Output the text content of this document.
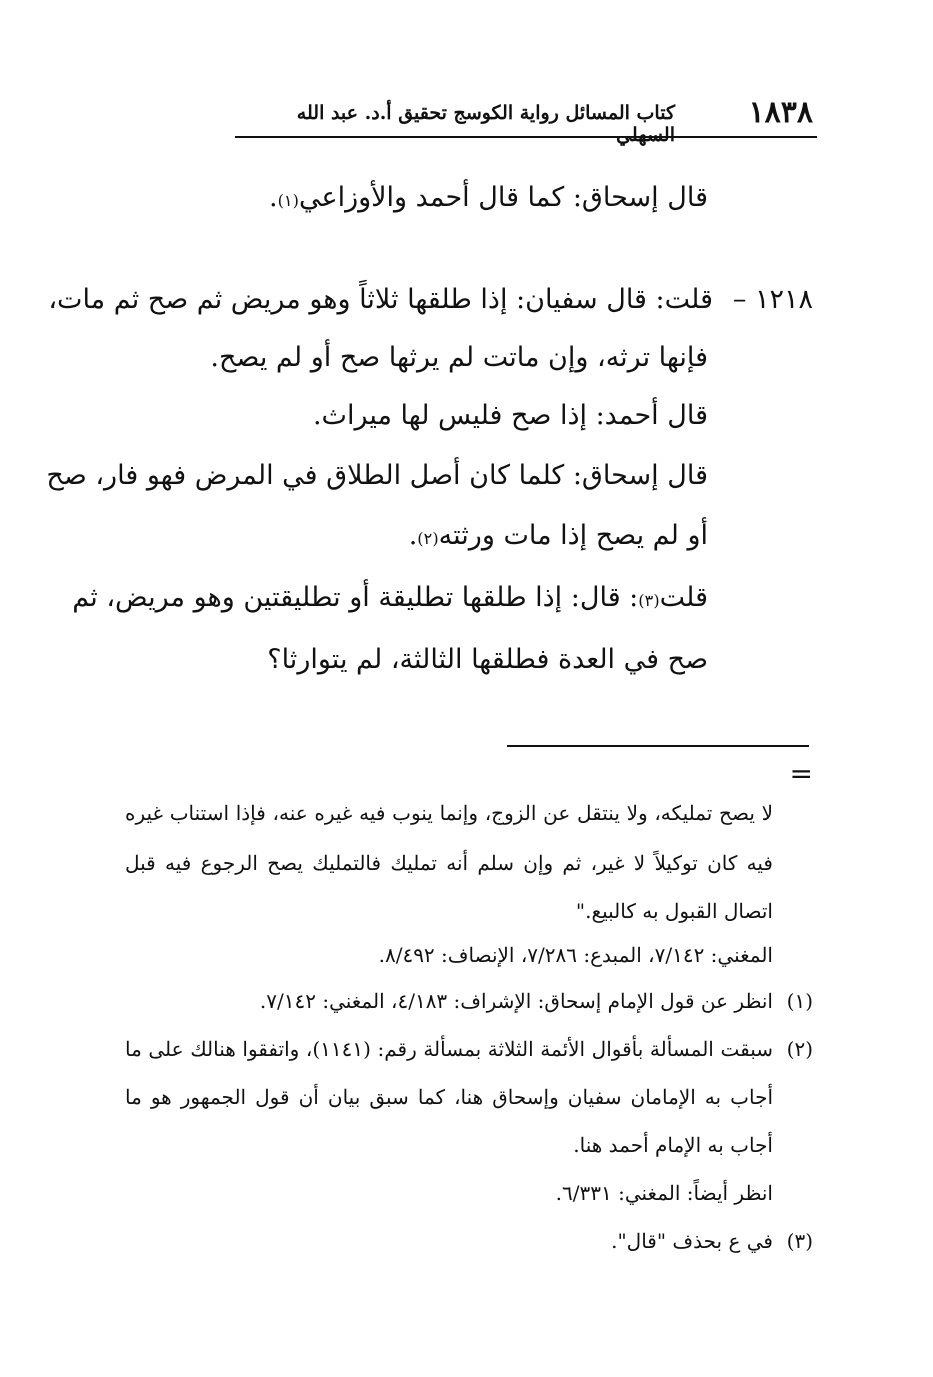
١٨٣٨
كتاب المسائل رواية الكوسج تحقيق أ.د. عبد الله السهلي
قال إسحاق: كما قال أحمد والأوزاعي$^{(١)}$.
١٢١٨ –
قلت: قال سفيان: إذا طلقها ثلاثاً وهو مريض ثم صح ثم مات،
فإنها ترثه، وإن ماتت لم يرثها صح أو لم يصح.
قال أحمد: إذا صح فليس لها ميراث.
قال إسحاق: كلما كان أصل الطلاق في المرض فهو فار، صح
أو لم يصح إذا مات ورثته$^{(٢)}$.
قلت$^{(٣)}$: قال: إذا طلقها تطليقة أو تطليقتين وهو مريض، ثم
صح في العدة فطلقها الثالثة، لم يتوارثا؟
=
لا يصح تمليكه، ولا ينتقل عن الزوج، وإنما ينوب فيه غيره عنه، فإذا استناب غيره
فيه كان توكيلاً لا غير، ثم وإن سلم أنه تمليك فالتمليك يصح الرجوع فيه قبل
اتصال القبول به كالبيع."
المغني: ٧/١٤٢، المبدع: ٧/٢٨٦، الإنصاف: ٨/٤٩٢.
(١)
انظر عن قول الإمام إسحاق: الإشراف: ٤/١٨٣، المغني: ٧/١٤٢.
(٢)
سبقت المسألة بأقوال الأئمة الثلاثة بمسألة رقم: (١١٤١)، واتفقوا هنالك على ما
أجاب به الإمامان سفيان وإسحاق هنا، كما سبق بيان أن قول الجمهور هو ما
أجاب به الإمام أحمد هنا.
انظر أيضاً: المغني: ٦/٣٣١.
(٣)
في ع بحذف "قال".
